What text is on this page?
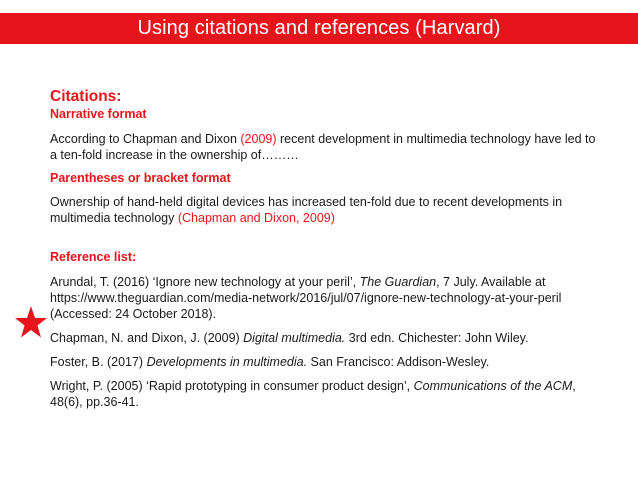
Using citations and references (Harvard)
Citations:
Narrative format

According to Chapman and Dixon (2009) recent development in multimedia technology have led to a ten-fold increase in the ownership of………

Parentheses or bracket format

Ownership of hand-held digital devices has increased ten-fold due to recent developments in multimedia technology (Chapman and Dixon, 2009)

Reference list:

Arundal, T. (2016) ‘Ignore new technology at your peril’, The Guardian, 7 July. Available at https://www.theguardian.com/media-network/2016/jul/07/ignore-new-technology-at-your-peril (Accessed: 24 October 2018).

Chapman, N. and Dixon, J. (2009) Digital multimedia. 3rd edn. Chichester: John Wiley.

Foster, B. (2017) Developments in multimedia. San Francisco: Addison-Wesley.

Wright, P. (2005) ‘Rapid prototyping in consumer product design’, Communications of the ACM, 48(6), pp.36-41.
